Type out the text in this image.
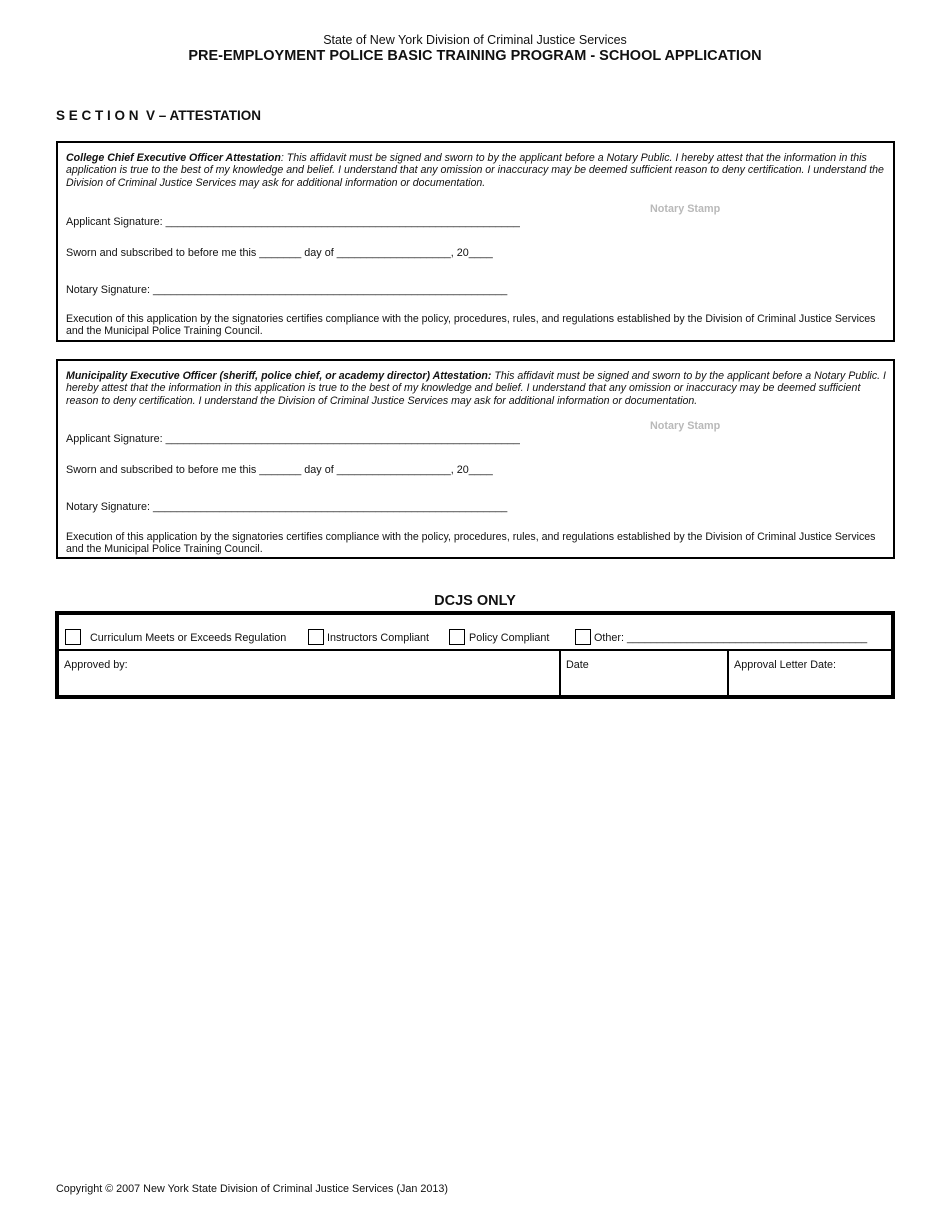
State of New York Division of Criminal Justice Services
PRE-EMPLOYMENT POLICE BASIC TRAINING PROGRAM - SCHOOL APPLICATION
S E C T I O N  V – ATTESTATION
College Chief Executive Officer Attestation: This affidavit must be signed and sworn to by the applicant before a Notary Public. I hereby attest that the information in this application is true to the best of my knowledge and belief. I understand that any omission or inaccuracy may be deemed sufficient reason to deny certification. I understand the Division of Criminal Justice Services may ask for additional information or documentation.
Notary Stamp
Applicant Signature: ___________________________________________________________
Sworn and subscribed to before me this _______ day of ___________________, 20____
Notary Signature: ___________________________________________________________
Execution of this application by the signatories certifies compliance with the policy, procedures, rules, and regulations established by the Division of Criminal Justice Services and the Municipal Police Training Council.
Municipality Executive Officer (sheriff, police chief, or academy director) Attestation: This affidavit must be signed and sworn to by the applicant before a Notary Public. I hereby attest that the information in this application is true to the best of my knowledge and belief. I understand that any omission or inaccuracy may be deemed sufficient reason to deny certification. I understand the Division of Criminal Justice Services may ask for additional information or documentation.
Notary Stamp
Applicant Signature: ___________________________________________________________
Sworn and subscribed to before me this _______ day of ___________________, 20____
Notary Signature: ___________________________________________________________
Execution of this application by the signatories certifies compliance with the policy, procedures, rules, and regulations established by the Division of Criminal Justice Services and the Municipal Police Training Council.
DCJS ONLY
Curriculum Meets or Exceeds Regulation	Instructors Compliant	Policy Compliant	Other: ________________________________________
Approved by:	Date	Approval Letter Date:
Copyright © 2007 New York State Division of Criminal Justice Services (Jan 2013)
